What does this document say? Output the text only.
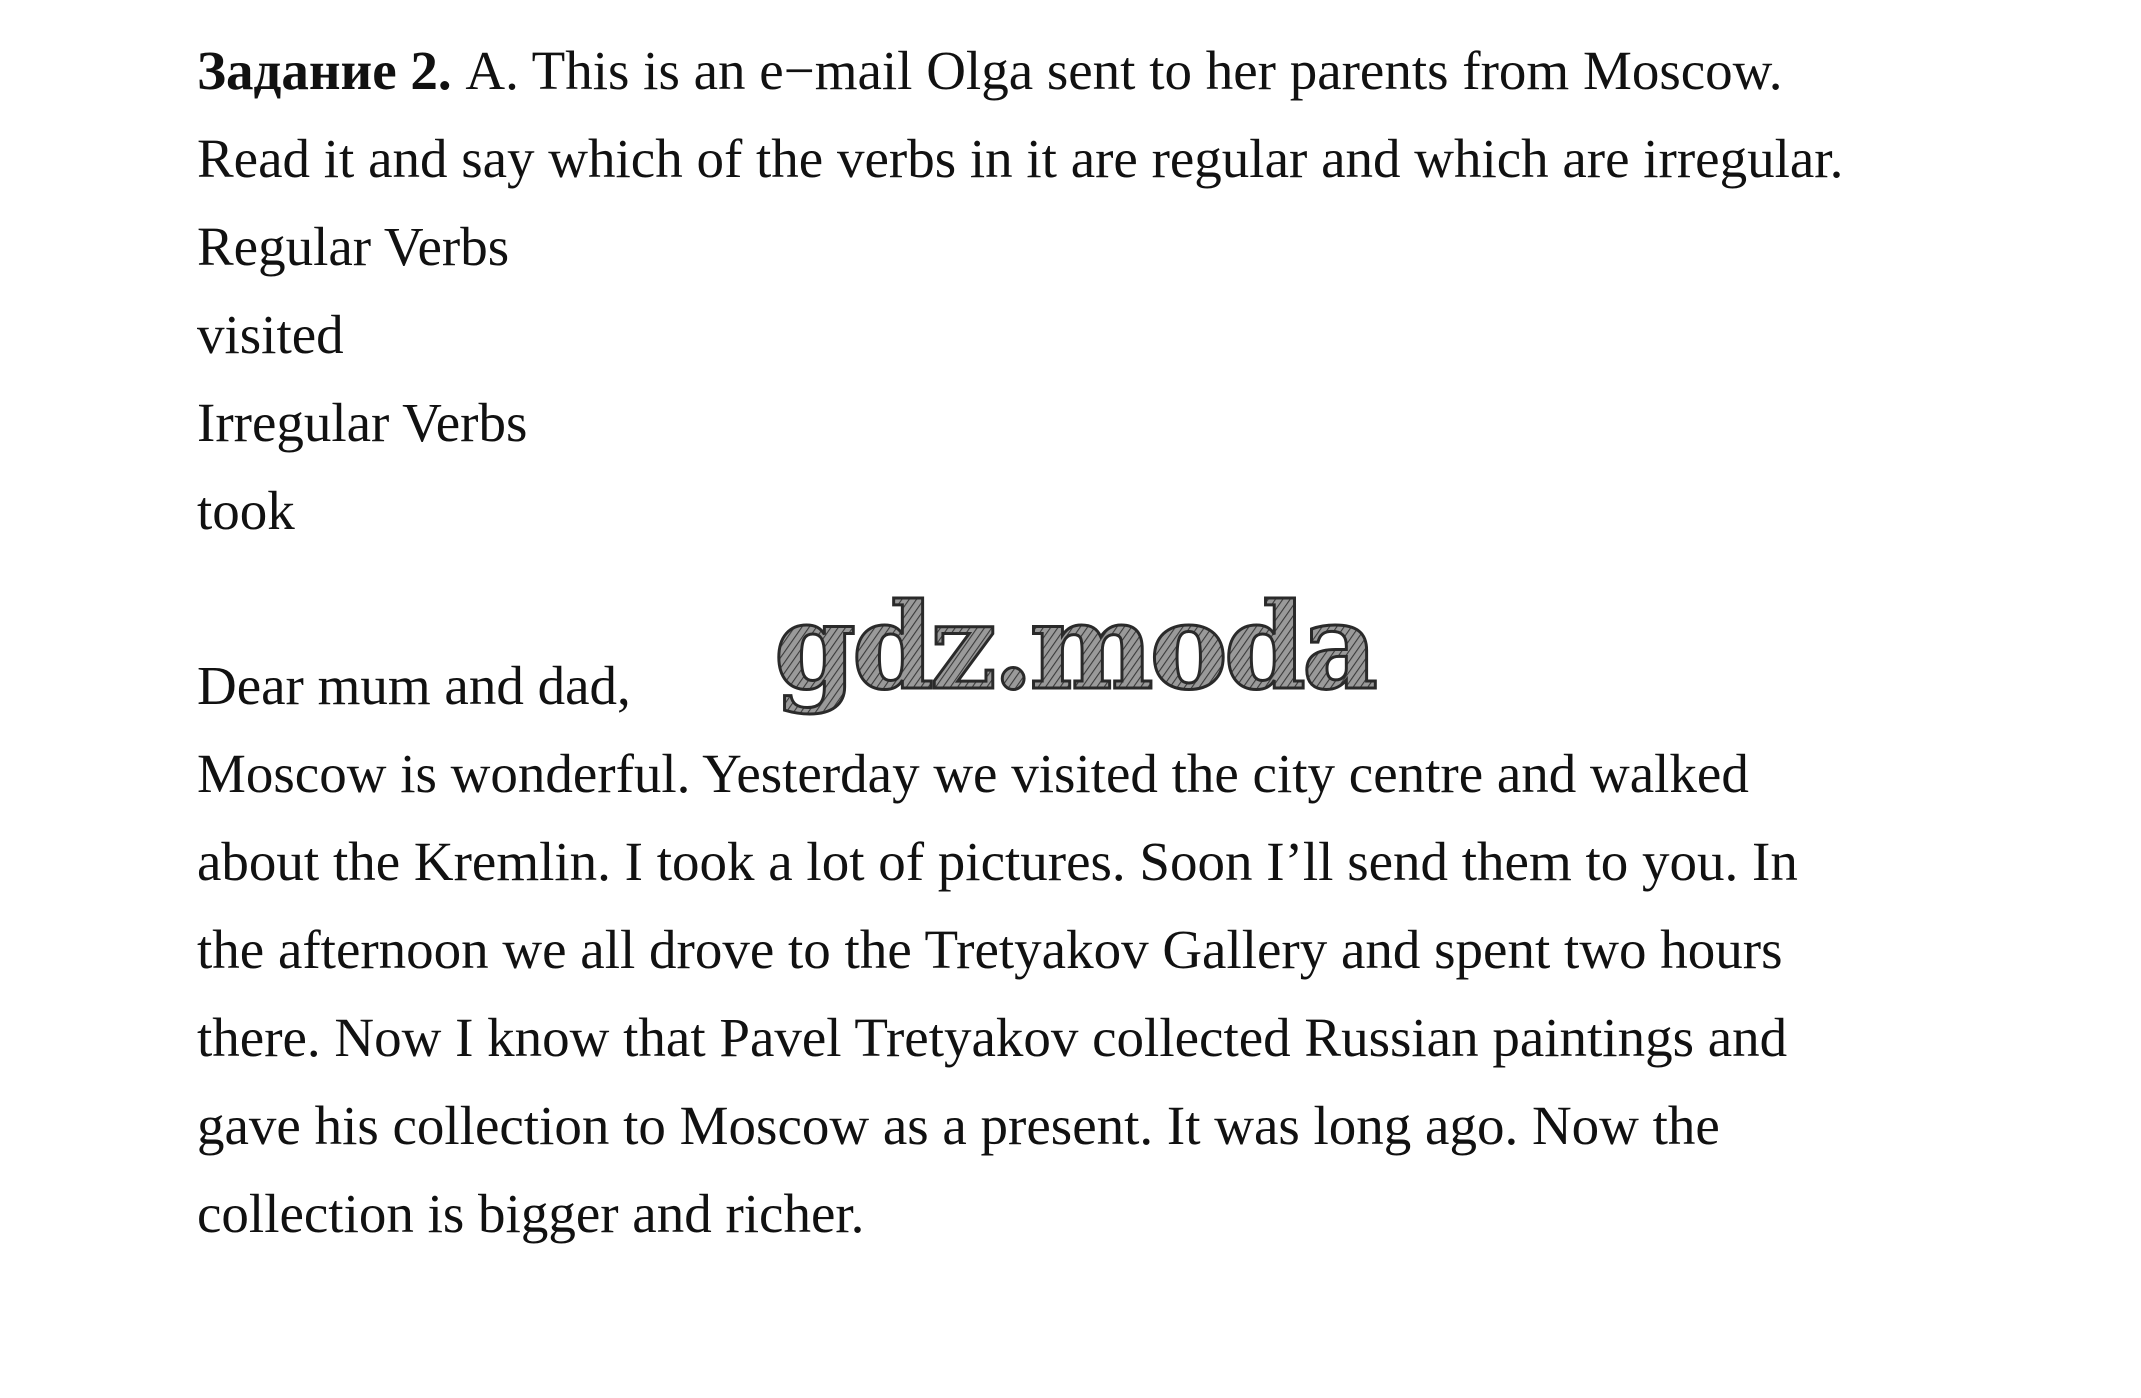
Задание 2. A. This is an e−mail Olga sent to her parents from Moscow.
Read it and say which of the verbs in it are regular and which are irregular.
Regular Verbs
visited
Irregular Verbs
took
Dear mum and dad,
Moscow is wonderful. Yesterday we visited the city centre and walked
about the Kremlin. I took a lot of pictures. Soon I’ll send them to you. In
the afternoon we all drove to the Tretyakov Gallery and spent two hours
there. Now I know that Pavel Tretyakov collected Russian paintings and
gave his collection to Moscow as a present. It was long ago. Now the
collection is bigger and richer.
gdz.moda
